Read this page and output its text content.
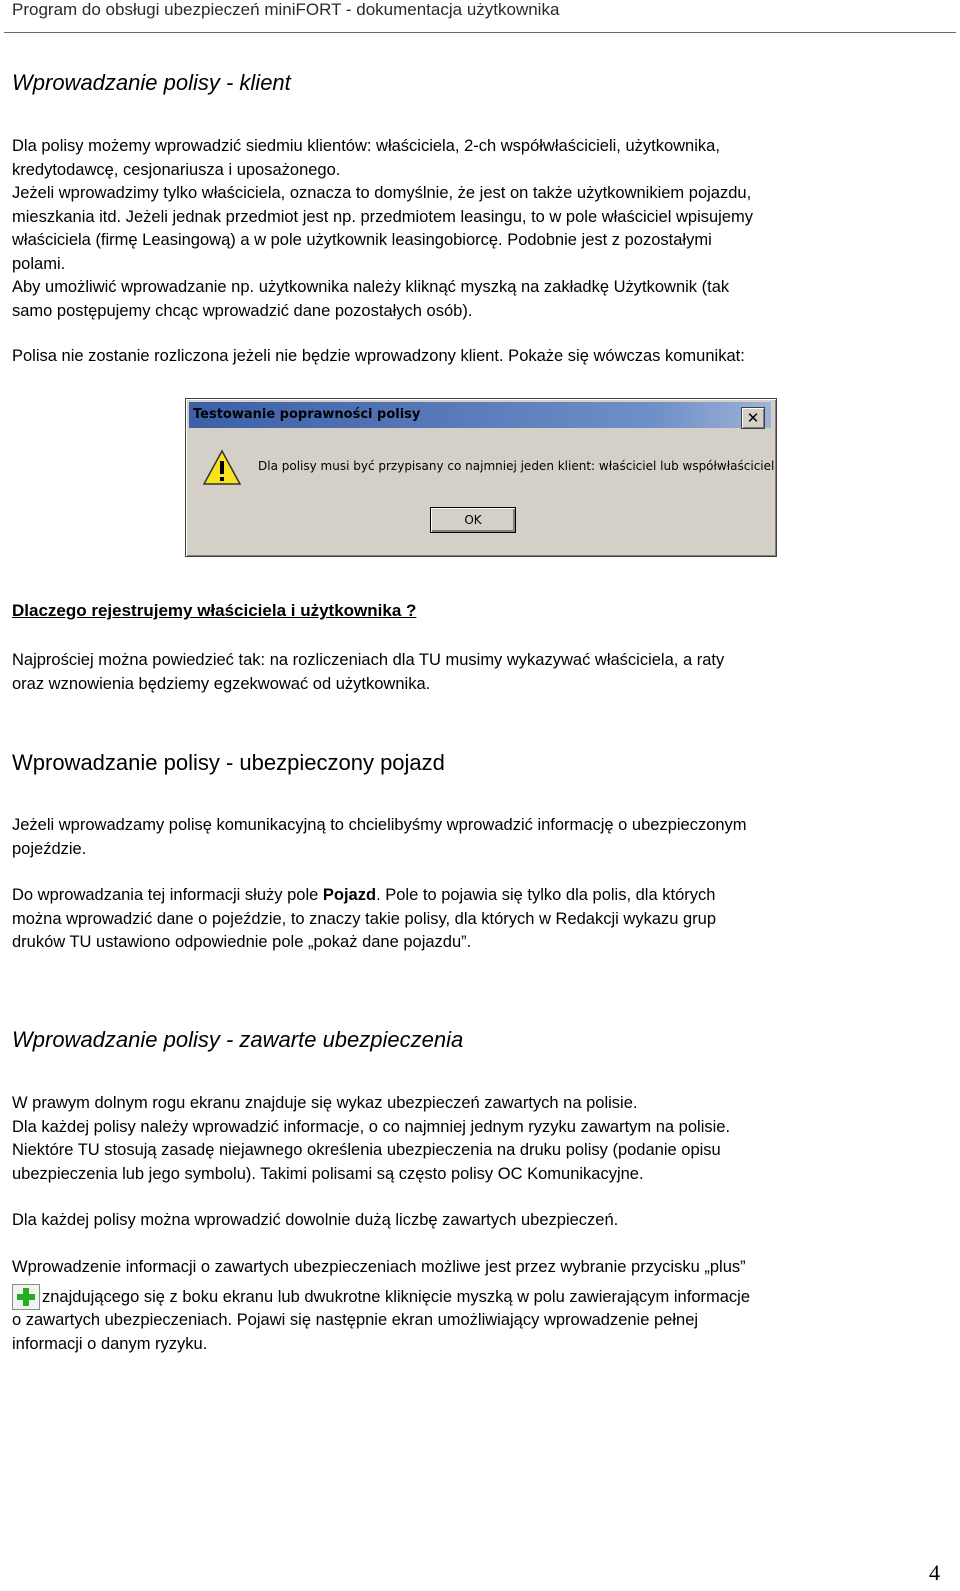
Program do obsługi ubezpieczeń miniFORT - dokumentacja użytkownika
Wprowadzanie polisy - klient
Dla polisy możemy wprowadzić siedmiu klientów: właściciela, 2-ch współwłaścicieli, użytkownika,
kredytodawcę, cesjonariusza i uposażonego.
Jeżeli wprowadzimy tylko właściciela, oznacza to domyślnie, że jest on także użytkownikiem pojazdu,
mieszkania itd. Jeżeli jednak przedmiot jest np. przedmiotem leasingu, to w pole właściciel wpisujemy
właściciela (firmę Leasingową) a w pole użytkownik leasingobiorcę. Podobnie jest z pozostałymi
polami.
Aby umożliwić wprowadzanie np. użytkownika należy kliknąć myszką na zakładkę Użytkownik (tak
samo postępujemy chcąc wprowadzić dane pozostałych osób).
Polisa nie zostanie rozliczona jeżeli nie będzie wprowadzony klient. Pokaże się wówczas komunikat:
Testowanie poprawności polisy	✕
Dla polisy musi być przypisany co najmniej jeden klient: właściciel lub współwłaściciel
OK
Dlaczego rejestrujemy właściciela i użytkownika ?
Najprościej można powiedzieć tak: na rozliczeniach dla TU musimy wykazywać właściciela, a raty
oraz wznowienia będziemy egzekwować od użytkownika.
Wprowadzanie polisy - ubezpieczony pojazd
Jeżeli wprowadzamy polisę komunikacyjną to chcielibyśmy wprowadzić informację o ubezpieczonym
pojeździe.
Do wprowadzania tej informacji służy pole Pojazd. Pole to pojawia się tylko dla polis, dla których
można wprowadzić dane o pojeździe, to znaczy takie polisy, dla których w Redakcji wykazu grup
druków TU ustawiono odpowiednie pole „pokaż dane pojazdu”.
Wprowadzanie polisy - zawarte ubezpieczenia
W prawym dolnym rogu ekranu znajduje się wykaz ubezpieczeń zawartych na polisie.
Dla każdej polisy należy wprowadzić informacje, o co najmniej jednym ryzyku zawartym na polisie.
Niektóre TU stosują zasadę niejawnego określenia ubezpieczenia na druku polisy (podanie opisu
ubezpieczenia lub jego symbolu). Takimi polisami są często polisy OC Komunikacyjne.
Dla każdej polisy można wprowadzić dowolnie dużą liczbę zawartych ubezpieczeń.
Wprowadzenie informacji o zawartych ubezpieczeniach możliwe jest przez wybranie przycisku „plus”
znajdującego się z boku ekranu lub dwukrotne kliknięcie myszką w polu zawierającym informacje
o zawartych ubezpieczeniach. Pojawi się następnie ekran umożliwiający wprowadzenie pełnej
informacji o danym ryzyku.
4
